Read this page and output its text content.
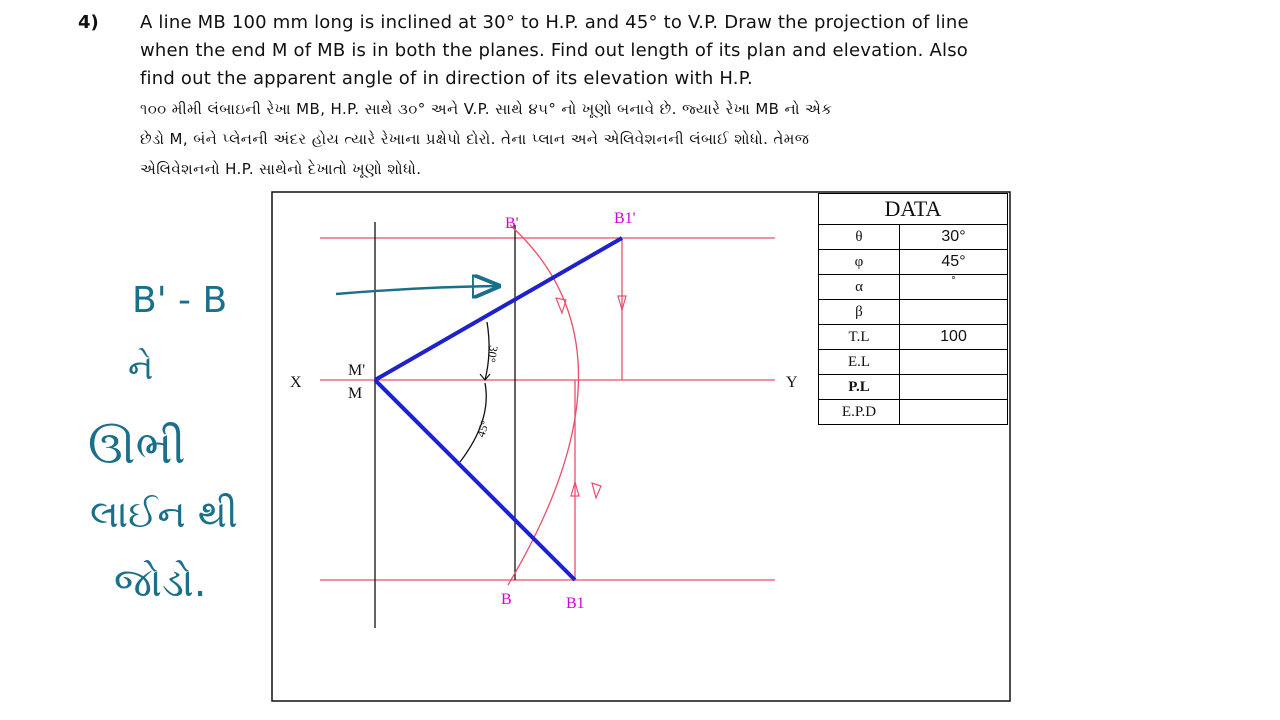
4) A line MB 100 mm long is inclined at 30° to H.P. and 45° to V.P. Draw the projection of line
when the end M of MB is in both the planes. Find out length of its plan and elevation. Also
find out the apparent angle of in direction of its elevation with H.P.
૧૦૦ મીમી લંબાઇની રેખા MB, H.P. સાથે ૩૦° અને V.P. સાથે ૪૫° નો ખૂણો બનાવે છે. જ્યારે રેખા MB નો એક
છેડો M, બંને પ્લેનની અંદર હોય ત્યારે રેખાના પ્રક્ષેપો દોરો. તેના પ્લાન અને એલિવેશનની લંબાઈ શોધો. તેમજ
એલિવેશનનો H.P. સાથેનો દેખાતો ખૂણો શોધો.
X	Y
M'
M
B'	B1'
B	B1
30°
45°
B' - B
ને
ઊભી
લાઈન થી
જોડો.
DATA	
θ	30°
φ	45°
α	°
β	
T.L	100
E.L	
P.L	
E.P.D	
